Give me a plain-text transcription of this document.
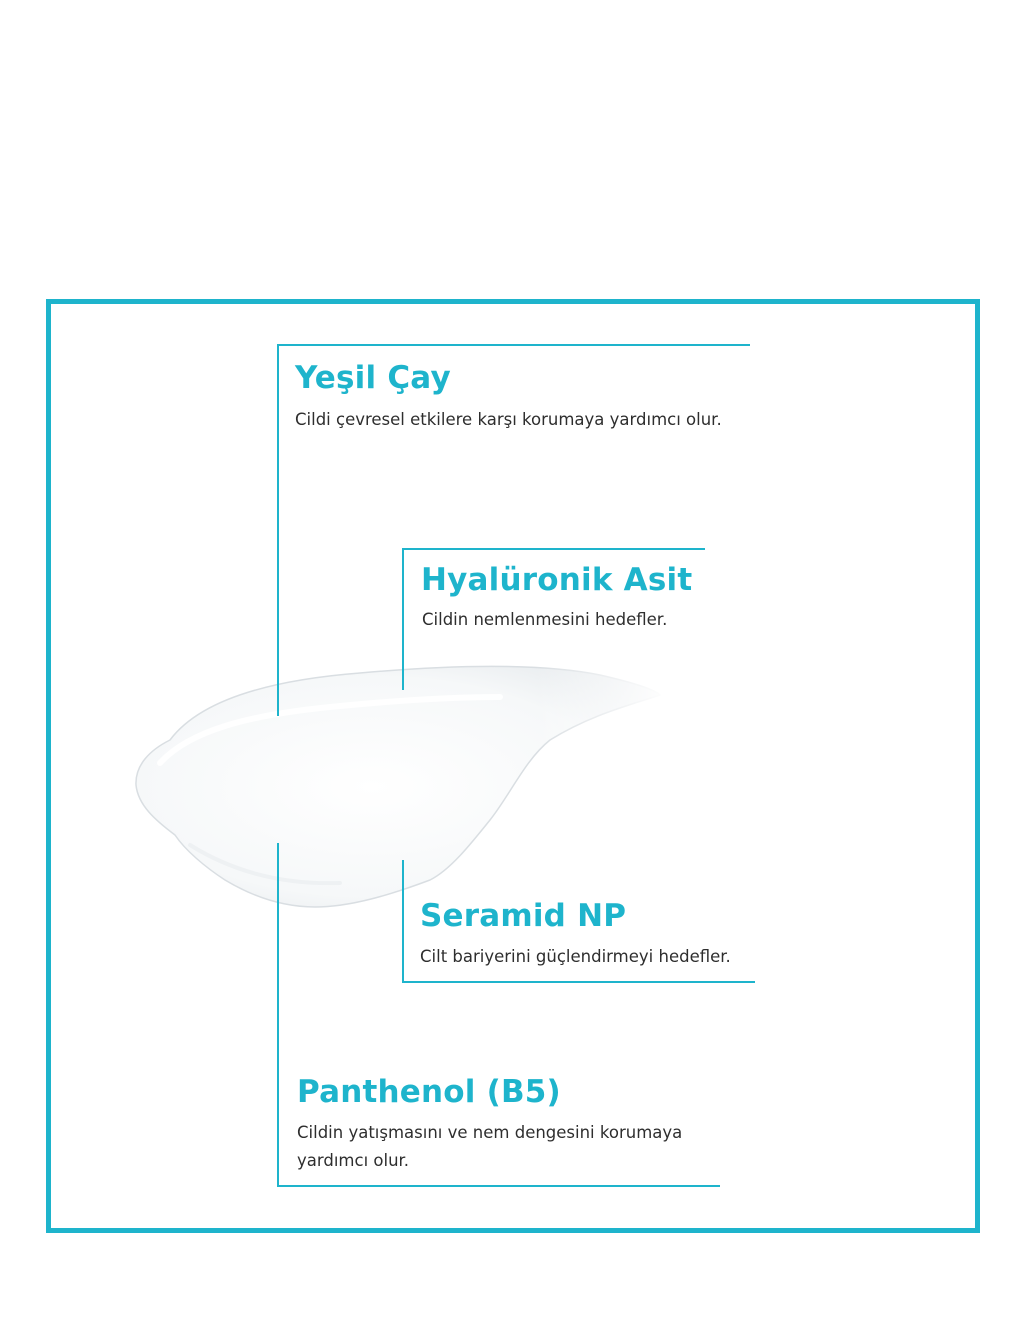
Yeşil Çay

Cildi çevresel etkilere karşı korumaya yardımcı olur.

Hyalüronik Asit

Cildin nemlenmesini hedefler.

Seramid NP

Cilt bariyerini güçlendirmeyi hedefler.

Panthenol (B5)

Cildin yatışmasını ve nem dengesini korumaya

yardımcı olur.
